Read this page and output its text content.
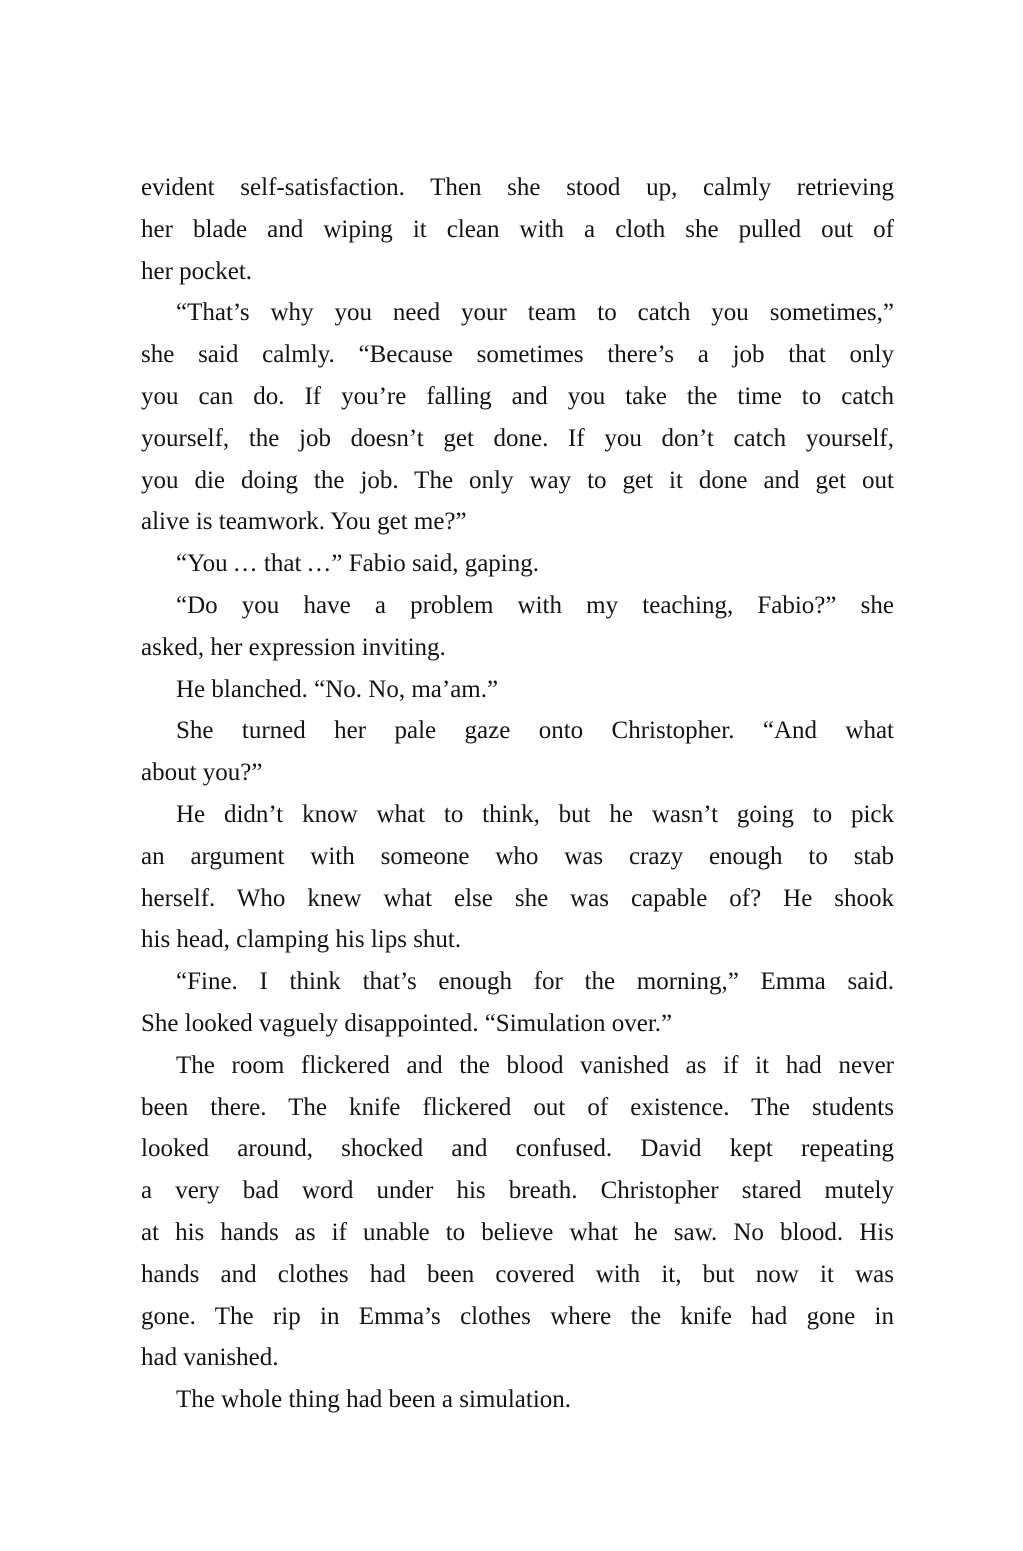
evident self-satisfaction. Then she stood up, calmly retrieving
her blade and wiping it clean with a cloth she pulled out of
her pocket.
“That’s why you need your team to catch you sometimes,”
she said calmly. “Because sometimes there’s a job that only
you can do. If you’re falling and you take the time to catch
yourself, the job doesn’t get done. If you don’t catch yourself,
you die doing the job. The only way to get it done and get out
alive is teamwork. You get me?”
“You … that …” Fabio said, gaping.
“Do you have a problem with my teaching, Fabio?” she
asked, her expression inviting.
He blanched. “No. No, ma’am.”
She turned her pale gaze onto Christopher. “And what
about you?”
He didn’t know what to think, but he wasn’t going to pick
an argument with someone who was crazy enough to stab
herself. Who knew what else she was capable of? He shook
his head, clamping his lips shut.
“Fine. I think that’s enough for the morning,” Emma said.
She looked vaguely disappointed. “Simulation over.”
The room flickered and the blood vanished as if it had never
been there. The knife flickered out of existence. The students
looked around, shocked and confused. David kept repeating
a very bad word under his breath. Christopher stared mutely
at his hands as if unable to believe what he saw. No blood. His
hands and clothes had been covered with it, but now it was
gone. The rip in Emma’s clothes where the knife had gone in
had vanished.
The whole thing had been a simulation.
